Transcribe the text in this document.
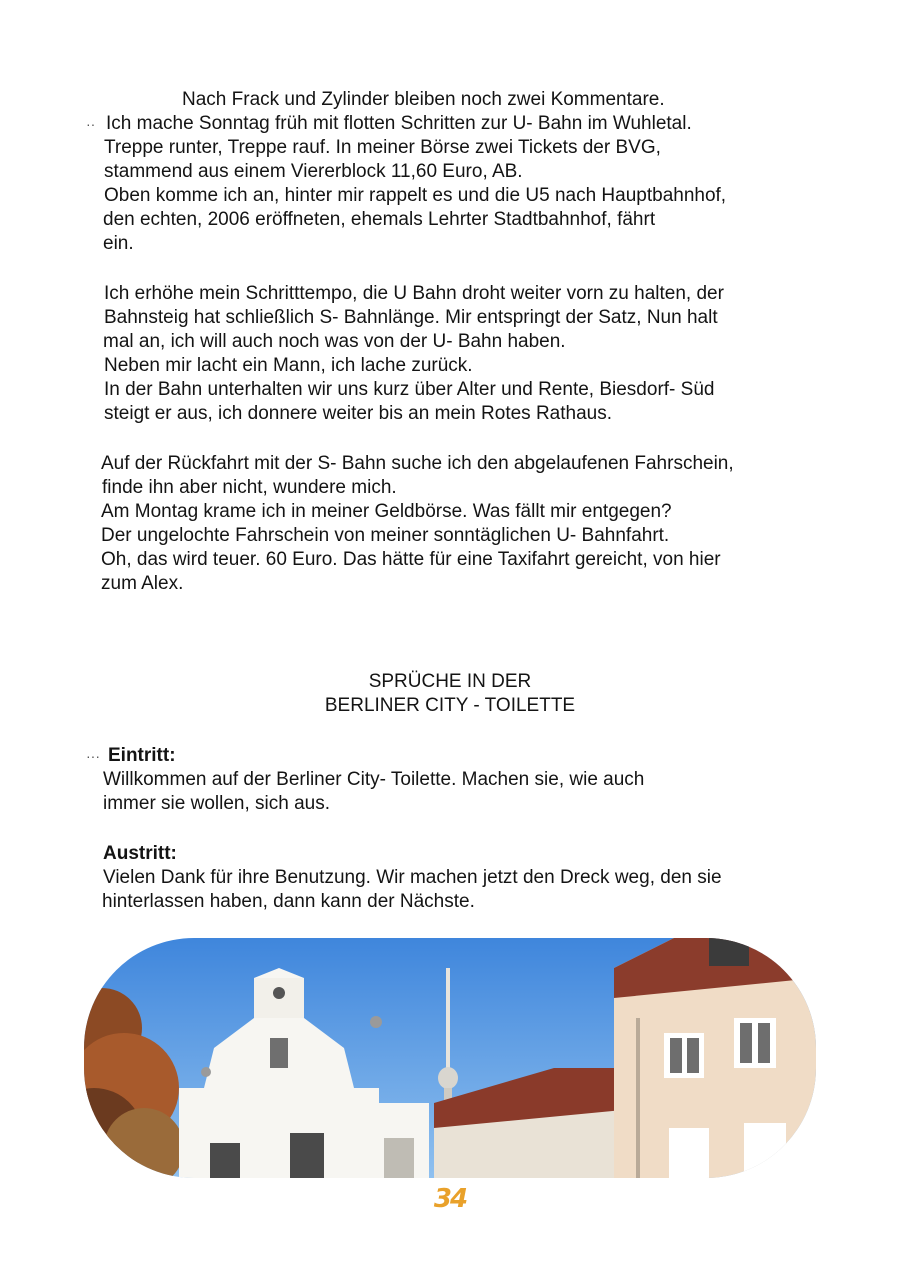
Nach Frack und Zylinder bleiben noch zwei Kommentare.
·· Ich mache Sonntag früh mit flotten Schritten zur U- Bahn im Wuhletal.
Treppe runter, Treppe rauf. In meiner Börse zwei Tickets der BVG,
stammend aus einem Viererblock 11,60 Euro, AB.
Oben komme ich an, hinter mir rappelt es und die U5 nach Hauptbahnhof,
den echten, 2006 eröffneten, ehemals Lehrter Stadtbahnhof, fährt
ein.
Ich erhöhe mein Schritttempo, die U Bahn droht weiter vorn zu halten, der
Bahnsteig hat schließlich S- Bahnlänge. Mir entspringt der Satz, Nun halt
mal an, ich will auch noch was von der U- Bahn haben.
Neben mir lacht ein Mann, ich lache zurück.
In der Bahn unterhalten wir uns kurz über Alter und Rente, Biesdorf- Süd
steigt er aus, ich donnere weiter bis an mein Rotes Rathaus.
Auf der Rückfahrt mit der S- Bahn suche ich den abgelaufenen Fahrschein,
finde ihn aber nicht, wundere mich.
Am Montag krame ich in meiner Geldbörse. Was fällt mir entgegen?
Der ungelochte Fahrschein von meiner sonntäglichen U- Bahnfahrt.
Oh, das wird teuer. 60 Euro. Das hätte für eine Taxifahrt gereicht, von hier
zum Alex.
SPRÜCHE IN DER
BERLINER CITY - TOILETTE
··· Eintritt:
Willkommen auf der Berliner City- Toilette. Machen sie, wie auch
immer sie wollen, sich aus.
Austritt:
Vielen Dank für ihre Benutzung. Wir machen jetzt den Dreck weg, den sie
hinterlassen haben, dann kann der Nächste.
34
